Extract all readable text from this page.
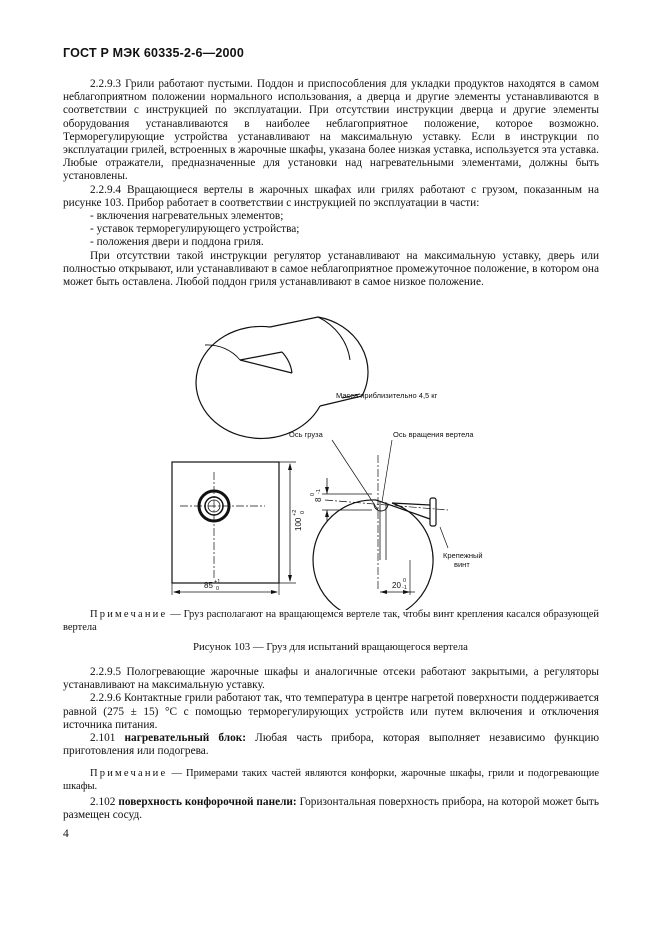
ГОСТ Р МЭК 60335-2-6—2000

2.2.9.3 Грили работают пустыми. Поддон и приспособления для укладки продуктов находятся в самом неблагоприятном положении нормального использования, а дверца и другие элементы устанавливаются в соответствии с инструкцией по эксплуатации. При отсутствии инструкции дверца и другие элементы оборудования устанавливаются в наиболее неблагоприятное положение, которое возможно. Терморегулирующие устройства устанавливают на максимальную уставку. Если в инструкции по эксплуатации грилей, встроенных в жарочные шкафы, указана более низкая уставка, используется эта уставка. Любые отражатели, предназначенные для установки над нагревательными элементами, должны быть установлены.

2.2.9.4 Вращающиеся вертелы в жарочных шкафах или грилях работают с грузом, показанным на рисунке 103. Прибор работает в соответствии с инструкцией по эксплуатации в части:

- включения нагревательных элементов;

- уставок терморегулирующего устройства;

- положения двери и поддона гриля.

При отсутствии такой инструкции регулятор устанавливают на максимальную уставку, дверь или полностью открывают, или устанавливают в самое неблагоприятное промежуточное положение, в котором она может быть оставлена. Любой поддон гриля устанавливают в самое низкое положение.

Масса приблизительно 4,5 кг
85 +1
0
100
+2 0
Ось груза	Ось вращения вертела
Крепежный
винт
8
0
-1
20 0
-1

Примечание — Груз располагают на вращающемся вертеле так, чтобы винт крепления касался образующей вертела

Рисунок 103 — Груз для испытаний вращающегося вертела

2.2.9.5 Пологревающие жарочные шкафы и аналогичные отсеки работают закрытыми, а регуляторы устанавливают на максимальную уставку.

2.2.9.6 Контактные грили работают так, что температура в центре нагретой поверхности поддерживается равной (275 ± 15) °С с помощью терморегулирующих устройств или путем включения и отключения источника питания.

2.101 нагревательный блок: Любая часть прибора, которая выполняет независимо функцию приготовления или подогрева.

Примечание — Примерами таких частей являются конфорки, жарочные шкафы, грили и подогревающие шкафы.

2.102 поверхность конфорочной панели: Горизонтальная поверхность прибора, на которой может быть размещен сосуд.

4
